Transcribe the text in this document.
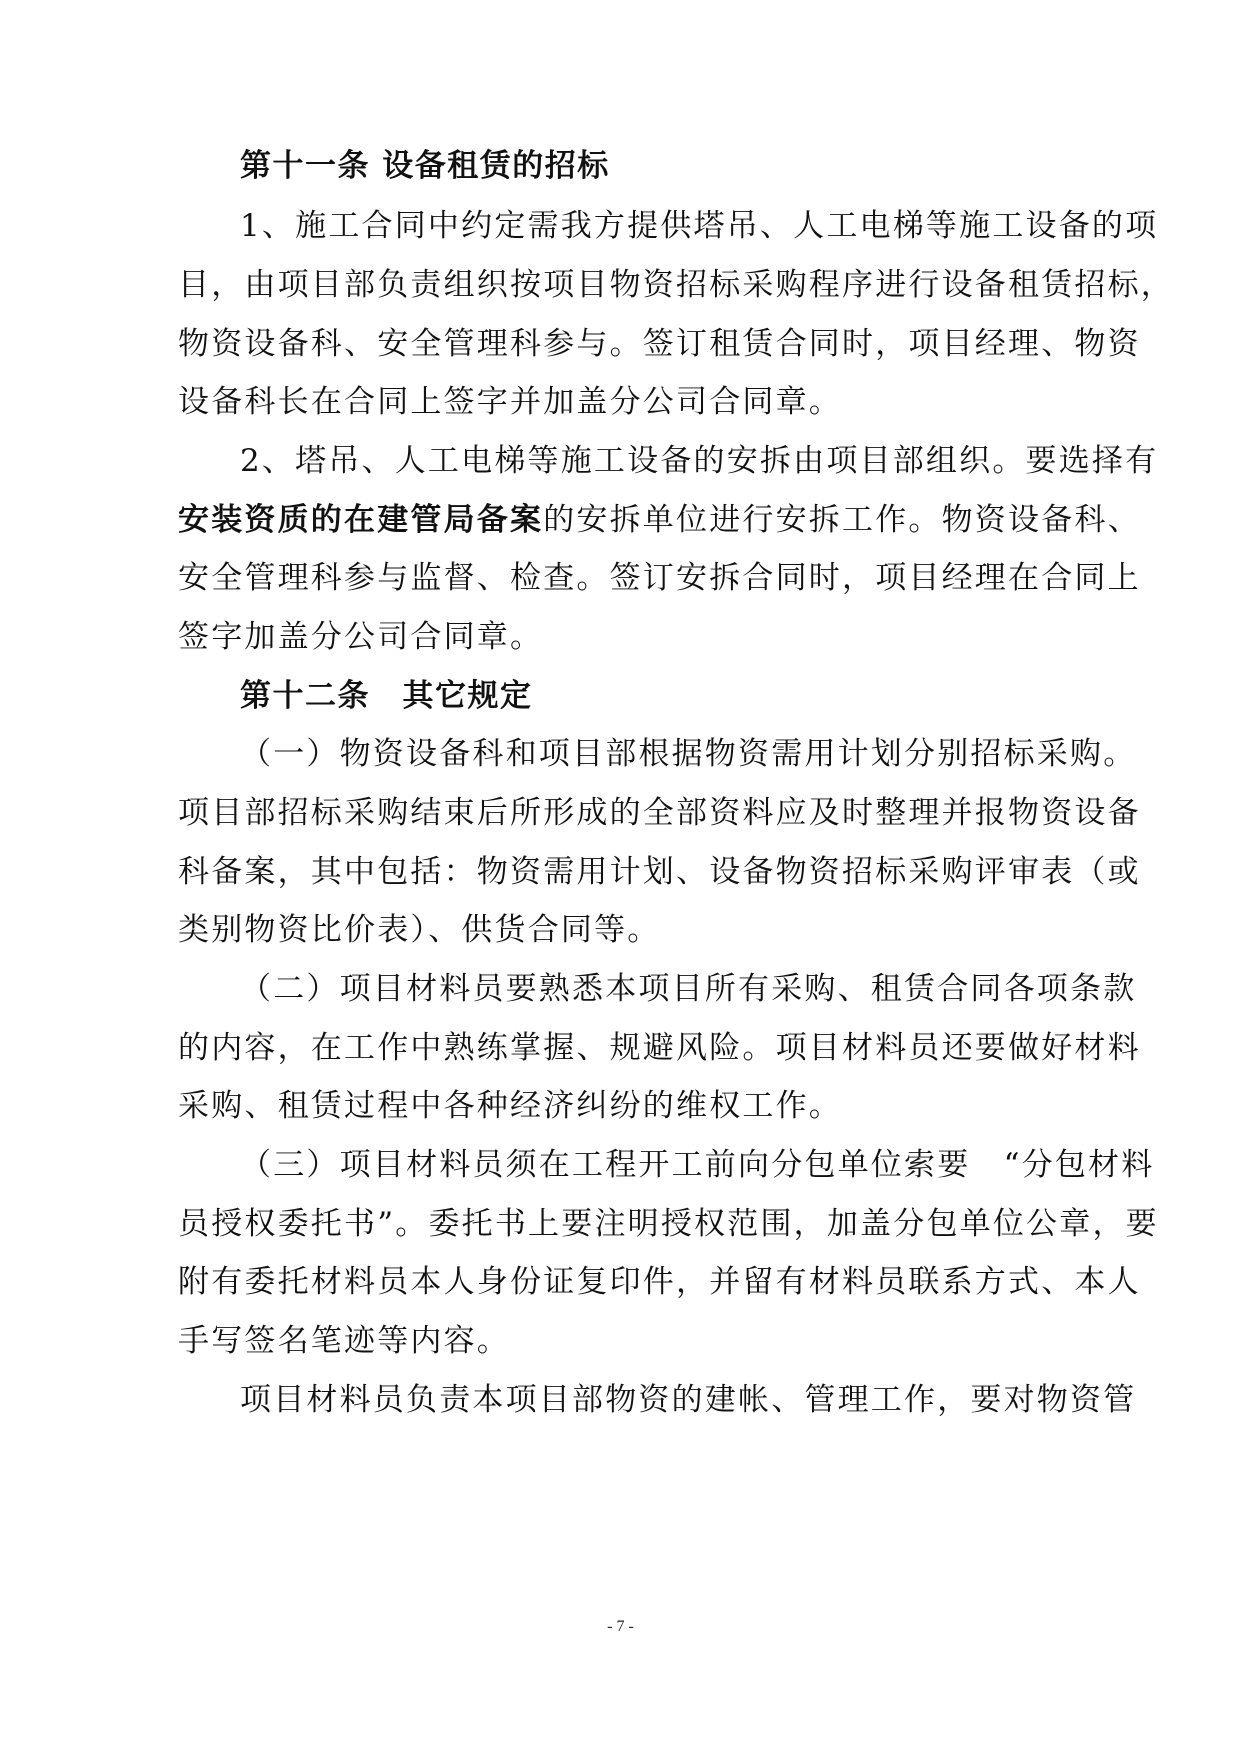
第十一条 设备租赁的招标
1、施工合同中约定需我方提供塔吊、人工电梯等施工设备的项
目，由项目部负责组织按项目物资招标采购程序进行设备租赁招标，
物资设备科、安全管理科参与。签订租赁合同时，项目经理、物资
设备科长在合同上签字并加盖分公司合同章。
2、塔吊、人工电梯等施工设备的安拆由项目部组织。要选择有
安装资质的在建管局备案的安拆单位进行安拆工作。物资设备科、
安全管理科参与监督、检查。签订安拆合同时，项目经理在合同上
签字加盖分公司合同章。
第十二条　其它规定
（一）物资设备科和项目部根据物资需用计划分别招标采购。
项目部招标采购结束后所形成的全部资料应及时整理并报物资设备
科备案，其中包括：物资需用计划、设备物资招标采购评审表（或
类别物资比价表）、供货合同等。
（二）项目材料员要熟悉本项目所有采购、租赁合同各项条款
的内容，在工作中熟练掌握、规避风险。项目材料员还要做好材料
采购、租赁过程中各种经济纠纷的维权工作。
（三）项目材料员须在工程开工前向分包单位索要　“分包材料
员授权委托书”。委托书上要注明授权范围，加盖分包单位公章，要
附有委托材料员本人身份证复印件，并留有材料员联系方式、本人
手写签名笔迹等内容。
项目材料员负责本项目部物资的建帐、管理工作，要对物资管
- 7 -
